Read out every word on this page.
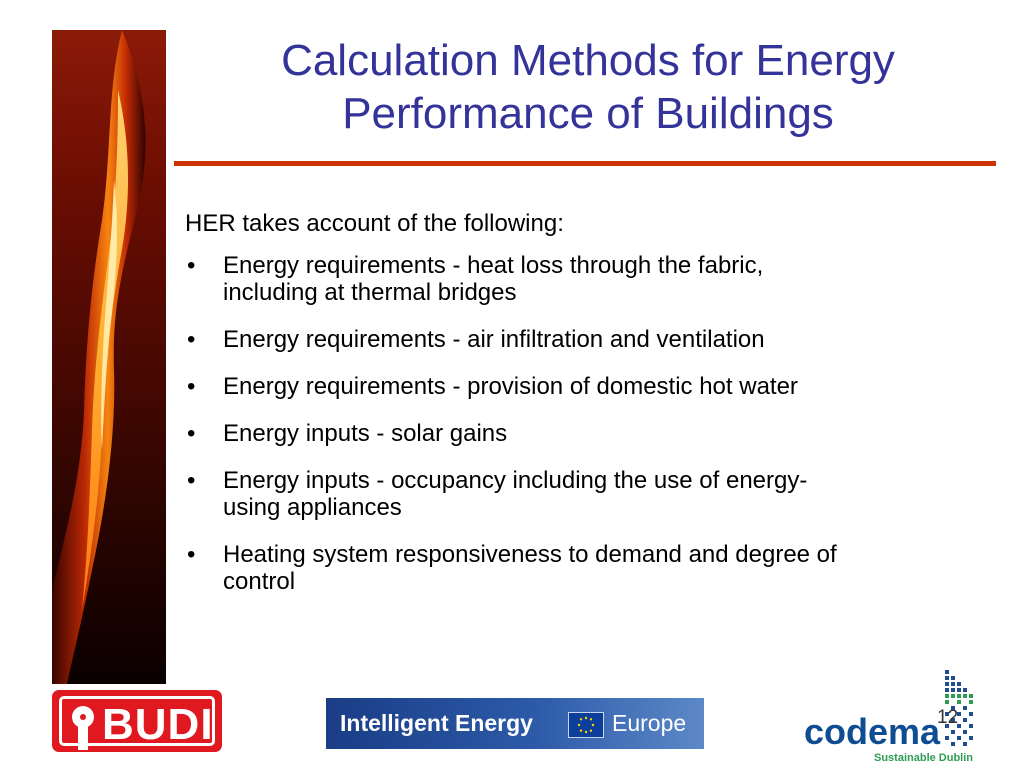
Calculation Methods for Energy
Performance of Buildings

HER takes account of the following:

• Energy requirements - heat loss through the fabric,
including at thermal bridges
• Energy requirements - air infiltration and ventilation
• Energy requirements - provision of domestic hot water
• Energy inputs - solar gains
• Energy inputs - occupancy including the use of energy-
using appliances
• Heating system responsiveness to demand and degree of
control
BUDI	Intelligent Energy	Europe	codema
Sustainable Dublin
12
